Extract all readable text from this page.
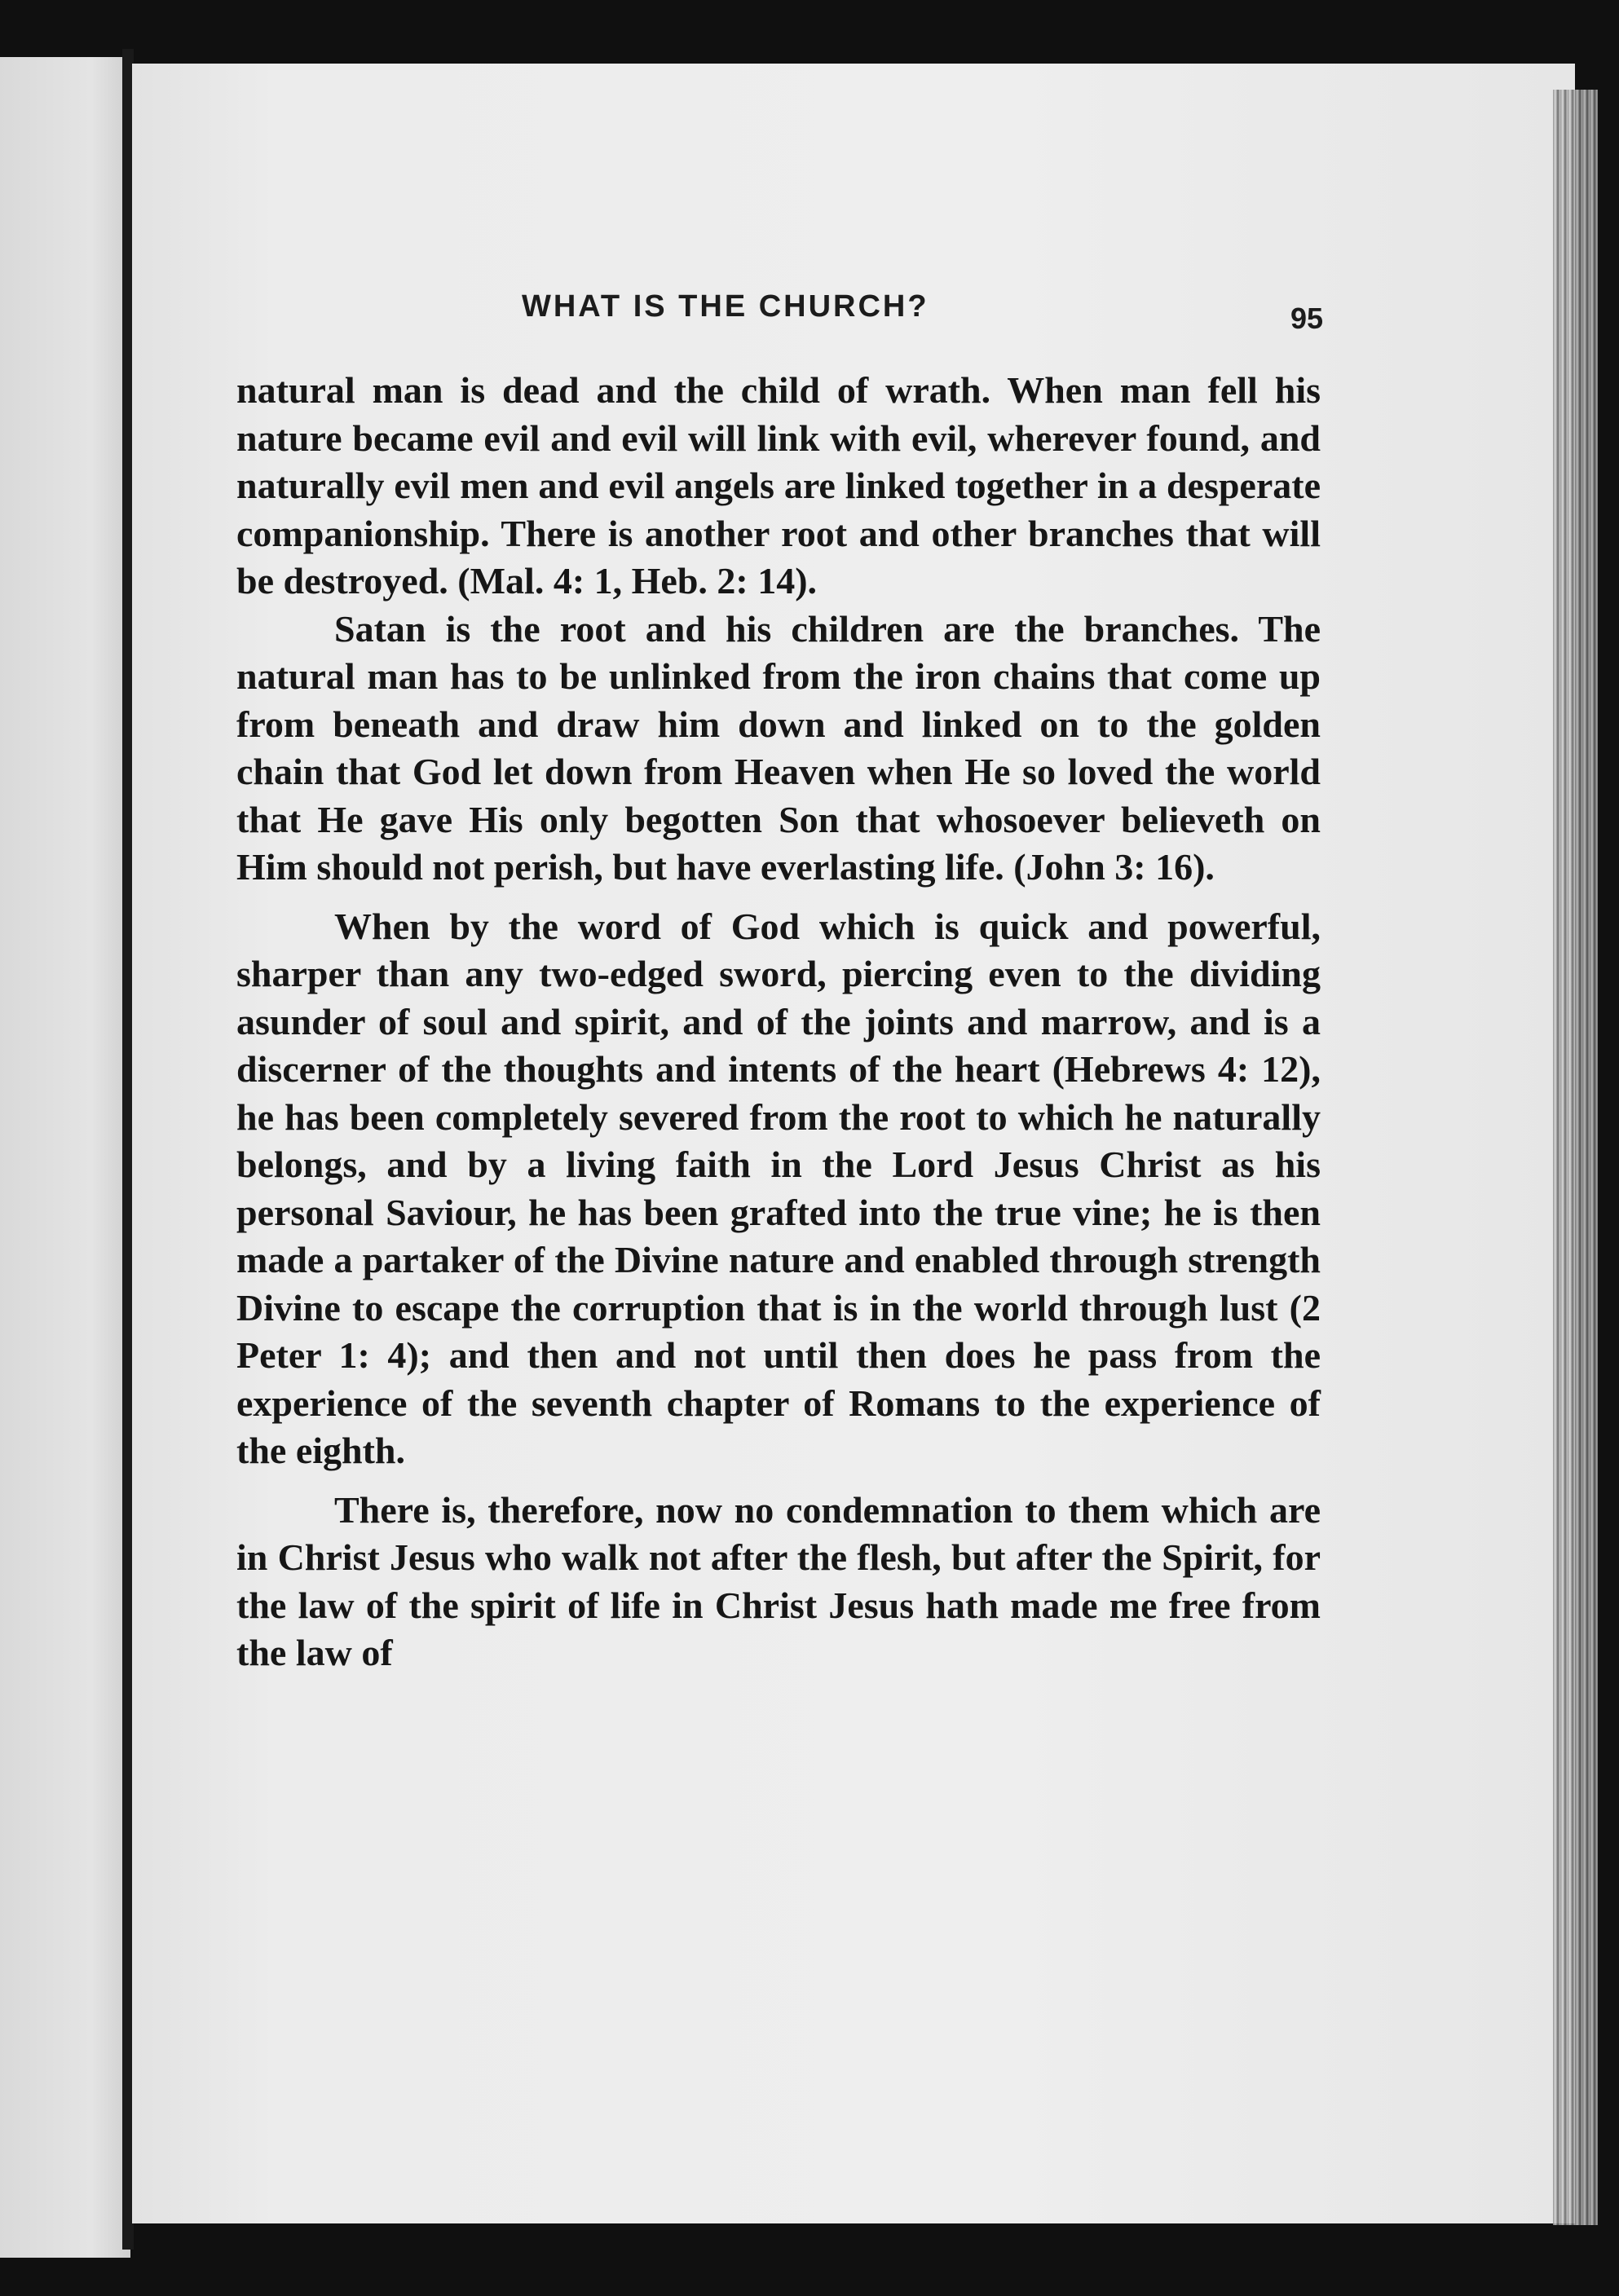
WHAT IS THE CHURCH?	95

natural man is dead and the child of wrath. When man fell his nature became evil and evil will link with evil, wherever found, and naturally evil men and evil angels are linked together in a desperate companionship. There is another root and other branches that will be destroyed. (Mal. 4: 1, Heb. 2: 14).

Satan is the root and his children are the branches. The natural man has to be unlinked from the iron chains that come up from beneath and draw him down and linked on to the golden chain that God let down from Heaven when He so loved the world that He gave His only begotten Son that whosoever believeth on Him should not perish, but have everlasting life. (John 3: 16).

When by the word of God which is quick and powerful, sharper than any two-edged sword, piercing even to the dividing asunder of soul and spirit, and of the joints and marrow, and is a discerner of the thoughts and intents of the heart (Hebrews 4: 12), he has been completely severed from the root to which he naturally belongs, and by a living faith in the Lord Jesus Christ as his personal Saviour, he has been grafted into the true vine; he is then made a partaker of the Divine nature and enabled through strength Divine to escape the corruption that is in the world through lust (2 Peter 1: 4); and then and not until then does he pass from the experience of the seventh chapter of Romans to the experience of the eighth.

There is, therefore, now no condemnation to them which are in Christ Jesus who walk not after the flesh, but after the Spirit, for the law of the spirit of life in Christ Jesus hath made me free from the law of
